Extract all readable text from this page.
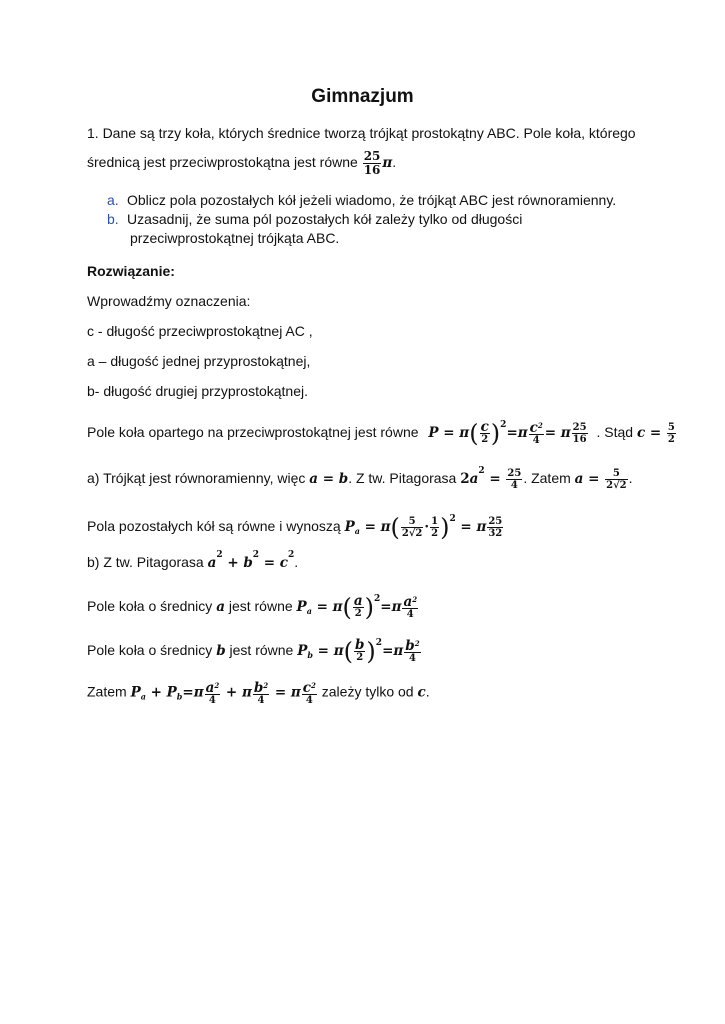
Gimnazjum
1. Dane są trzy koła, których średnice tworzą trójkąt prostokątny ABC. Pole koła, którego
średnicą jest przeciwprostokątna jest równe $\frac{25}{16} \pi$.
a. Oblicz pola pozostałych kół jeżeli wiadomo, że trójkąt ABC jest równoramienny.
b. Uzasadnij, że suma pól pozostałych kół zależy tylko od długości
przeciwprostokątnej trójkąta ABC.
Rozwiązanie:
Wprowadźmy oznaczenia:
c - długość przeciwprostokątnej AC ,
a – długość jednej przyprostokątnej,
b- długość drugiej przyprostokątnej.
Pole koła opartego na przeciwprostokątnej jest równe P = π( c
2 )$^2$=π $c^2$
4 = π $\frac{25}{16}$ . Stąd $c = \frac{5}{2}$
a) Trójkąt jest równoramienny, więc a = b. Z tw. Pitagorasa $2a^2 = \frac{25}{4}$ . Zatem $a = \frac{5}{2√2}$ .
Pola pozostałych kół są równe i wynoszą $P_a = \pi( \frac{5}{2√2} \cdot \frac{1}{2} )^2 = \pi \frac{25}{32}$
b) Z tw. Pitagorasa $a^2 + b^2 = c^2$.
Pole koła o średnicy a jest równe $P_a = \pi$( a
2 )$^2$=π $a^2$
4
Pole koła o średnicy b jest równe $P_b = \pi$( b
2 )$^2$=π $b^2$
4
Zatem $P_a + P_b=\pi$ $a^2$
4 + π $b^2$
4 = π $c^2$
4
zależy tylko od c.
